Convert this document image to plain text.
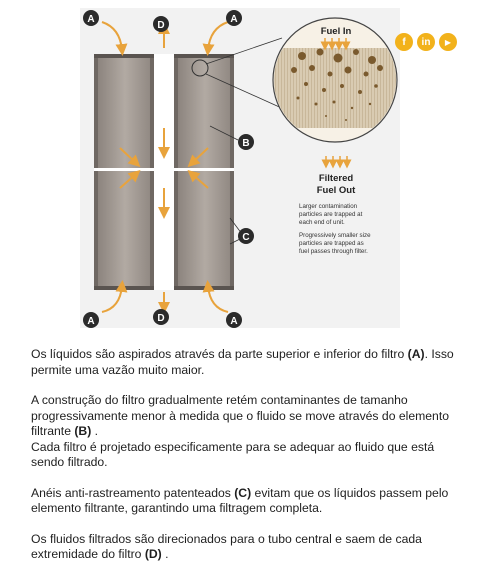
A	A
D
B
C
D
A	A
Fuel In
Filtered
Fuel Out
Larger contamination
particles are trapped at
each end of unit.
Progressively smaller size
particles are trapped as
fuel passes through filter.
f	in	▶

Os líquidos são aspirados através da parte superior e inferior do filtro (A). Isso permite uma vazão muito maior.

A construção do filtro gradualmente retém contaminantes de tamanho progressivamente menor à medida que o fluido se move através do elemento filtrante (B) .

Cada filtro é projetado especificamente para se adequar ao fluido que está sendo filtrado.

Anéis anti-rastreamento patenteados (C) evitam que os líquidos passem pelo elemento filtrante, garantindo uma filtragem completa.

Os fluidos filtrados são direcionados para o tubo central e saem de cada extremidade do filtro (D) .
